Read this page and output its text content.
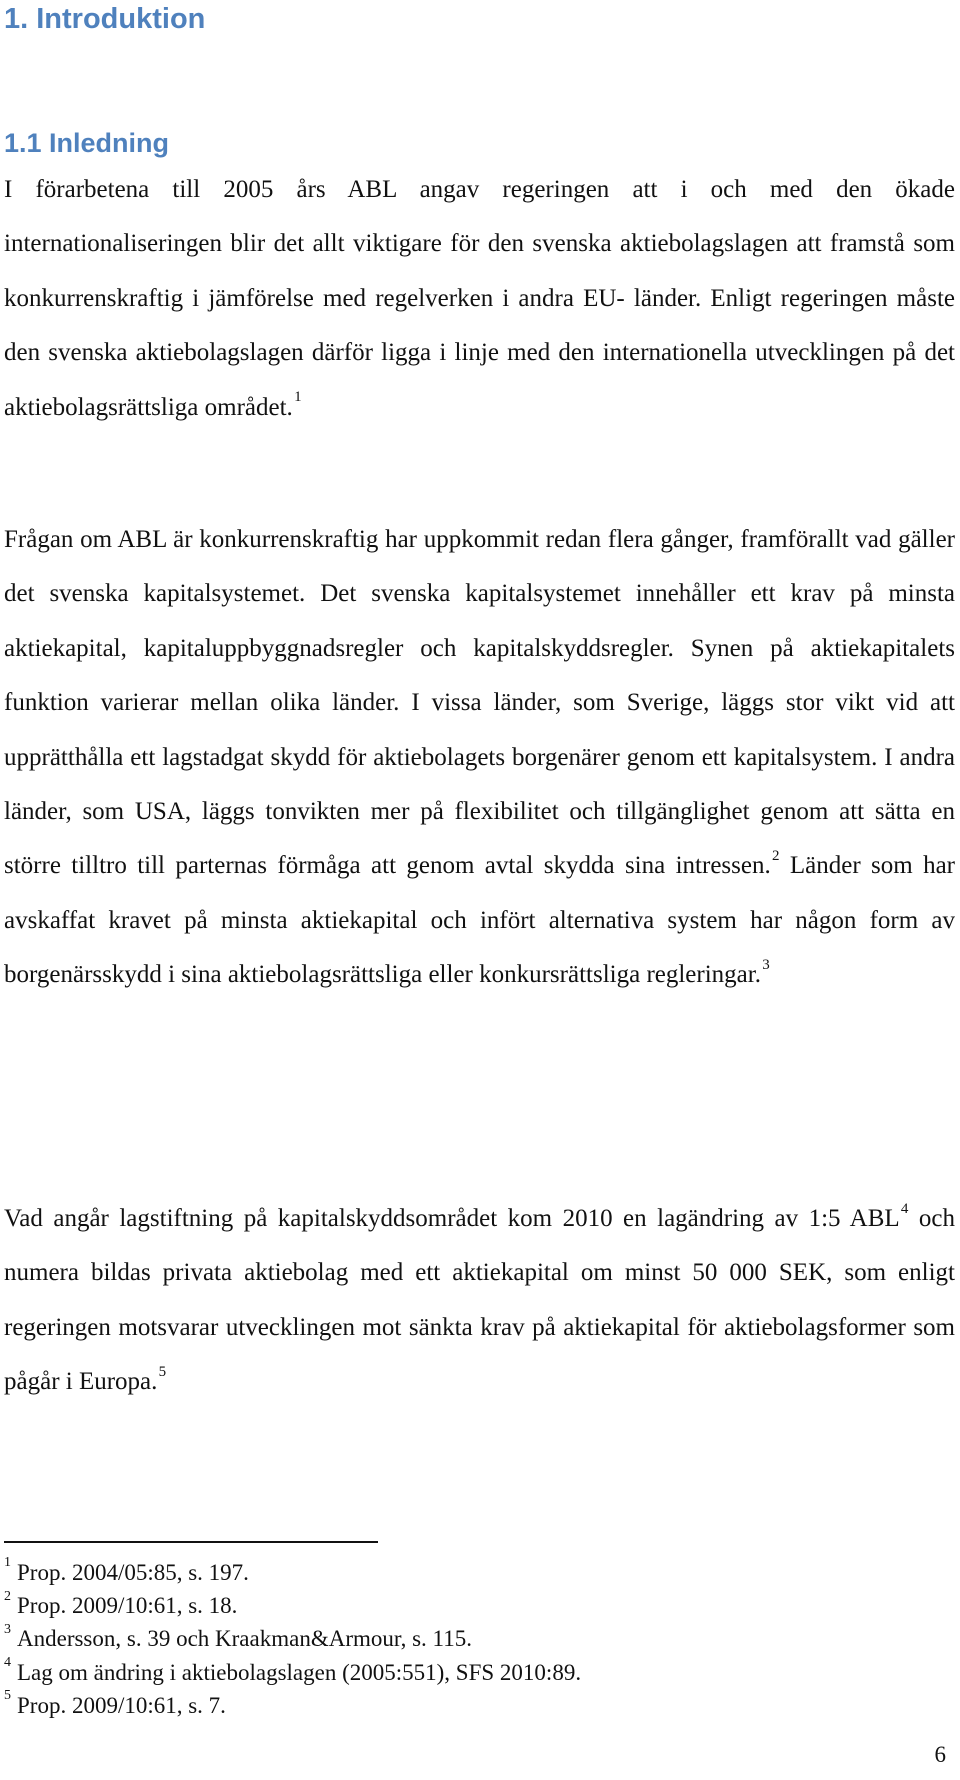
1. Introduktion
1.1 Inledning

I förarbetena till 2005 års ABL angav regeringen att i och med den ökade internationaliseringen blir det allt viktigare för den svenska aktiebolagslagen att framstå som konkurrenskraftig i jämförelse med regelverken i andra EU- länder. Enligt regeringen måste den svenska aktiebolagslagen därför ligga i linje med den internationella utvecklingen på det aktiebolagsrättsliga området. $^1$

Frågan om ABL är konkurrenskraftig har uppkommit redan flera gånger, framförallt vad gäller det svenska kapitalsystemet. Det svenska kapitalsystemet innehåller ett krav på minsta aktiekapital, kapitaluppbyggnadsregler och kapitalskyddsregler. Synen på aktiekapitalets funktion varierar mellan olika länder. I vissa länder, som Sverige, läggs stor vikt vid att upprätthålla ett lagstadgat skydd för aktiebolagets borgenärer genom ett kapitalsystem. I andra länder, som USA, läggs tonvikten mer på flexibilitet och tillgänglighet genom att sätta en större tilltro till parternas förmåga att genom avtal skydda sina intressen. $^2$ Länder som har avskaffat kravet på minsta aktiekapital och infört alternativa system har någon form av borgenärsskydd i sina aktiebolagsrättsliga eller konkursrättsliga regleringar. $^3$

Vad angår lagstiftning på kapitalskyddsområdet kom 2010 en lagändring av 1:5 ABL $^4$ och numera bildas privata aktiebolag med ett aktiekapital om minst 50 000 SEK, som enligt regeringen motsvarar utvecklingen mot sänkta krav på aktiekapital för aktiebolagsformer som pågår i Europa. $^5$

$^1$ Prop. 2004/05:85, s. 197.
$^2$ Prop. 2009/10:61, s. 18.
$^3$ Andersson, s. 39 och Kraakman&Armour, s. 115.
$^4$ Lag om ändring i aktiebolagslagen (2005:551), SFS 2010:89.
$^5$ Prop. 2009/10:61, s. 7.
6
